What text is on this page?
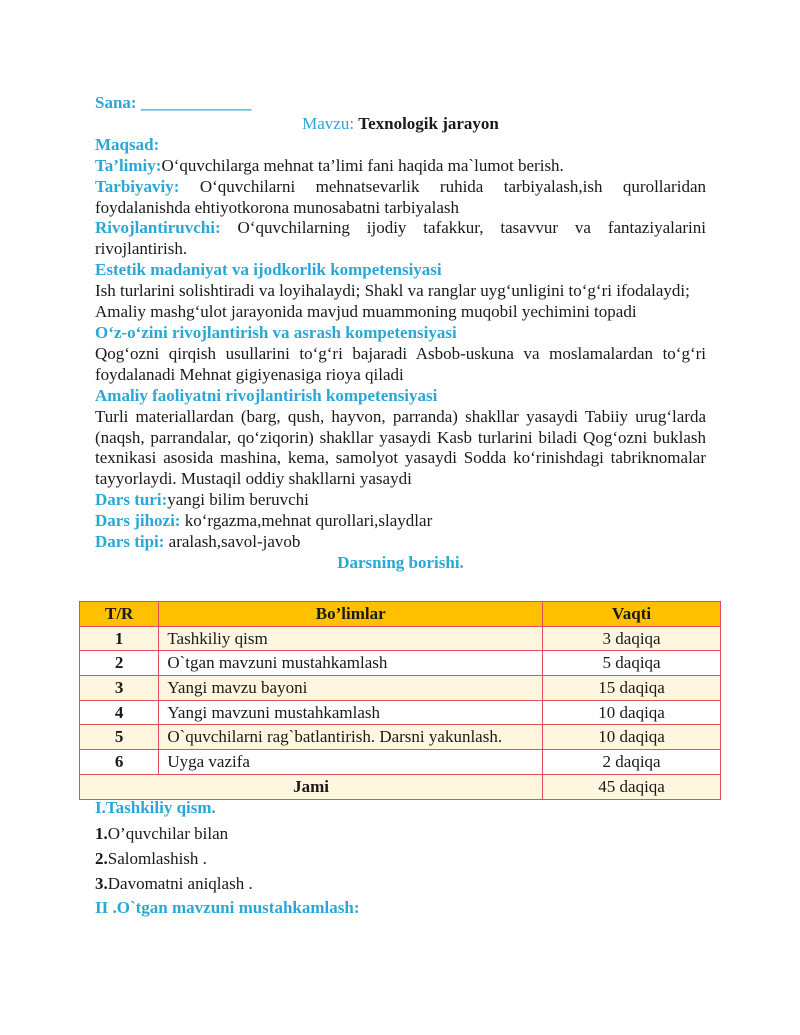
Sana: _____________

Mavzu: Texnologik jarayon

Maqsad:

Ta’limiy:O‘quvchilarga mehnat ta’limi fani haqida ma`lumot berish.

Tarbiyaviy: O‘quvchilarni mehnatsevarlik ruhida tarbiyalash,ish qurollaridan foydalanishda ehtiyotkorona munosabatni tarbiyalash

Rivojlantiruvchi: O‘quvchilarning ijodiy tafakkur, tasavvur va fantaziyalarini rivojlantirish.

Estetik madaniyat va ijodkorlik kompetensiyasi

Ish turlarini solishtiradi va loyihalaydi; Shakl va ranglar uyg‘unligini to‘g‘ri ifodalaydi;

Amaliy mashg‘ulot jarayonida mavjud muammoning muqobil yechimini topadi

O‘z-o‘zini rivojlantirish va asrash kompetensiyasi

Qog‘ozni qirqish usullarini to‘g‘ri bajaradi Asbob-uskuna va moslamalardan to‘g‘ri foydalanadi Mehnat gigiyenasiga rioya qiladi

Amaliy faoliyatni rivojlantirish kompetensiyasi

Turli materiallardan (barg, qush, hayvon, parranda) shakllar yasaydi Tabiiy urug‘larda (naqsh, parrandalar, qo‘ziqorin) shakllar yasaydi Kasb turlarini biladi Qog‘ozni buklash texnikasi asosida mashina, kema, samolyot yasaydi Sodda ko‘rinishdagi tabriknomalar tayyorlaydi. Mustaqil oddiy shakllarni yasaydi

Dars turi:yangi bilim beruvchi

Dars jihozi: ko‘rgazma,mehnat qurollari,slaydlar

Dars tipi: aralash,savol-javob

Darsning borishi.

T/R	Bo’limlar	Vaqti
1	Tashkiliy qism	3 daqiqa
2	O`tgan mavzuni mustahkamlash	5 daqiqa
3	Yangi mavzu bayoni	15 daqiqa
4	Yangi mavzuni mustahkamlash	10 daqiqa
5	O`quvchilarni rag`batlantirish. Darsni yakunlash.	10 daqiqa
6	Uyga vazifa	2 daqiqa
Jami		45 daqiqa

I.Tashkiliy qism.

1.O’quvchilar bilan

2.Salomlashish .

3.Davomatni aniqlash .

II .O`tgan mavzuni mustahkamlash:
